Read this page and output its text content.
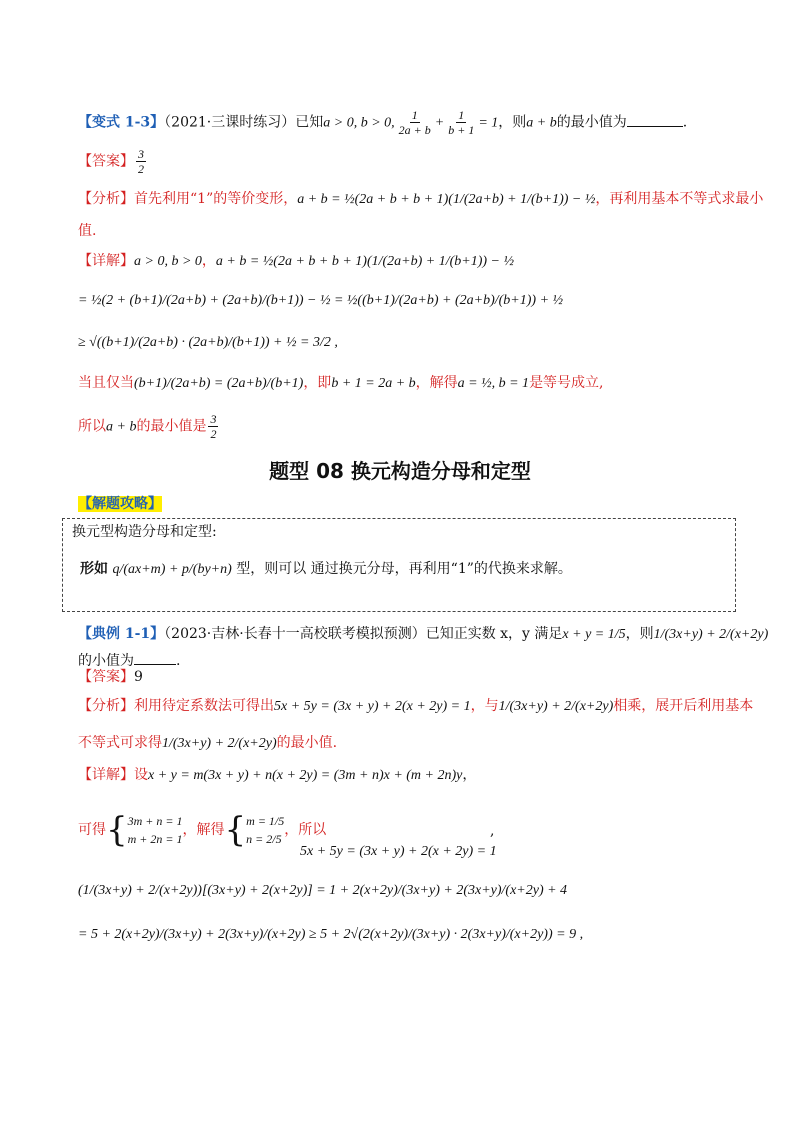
【变式 1-3】（2021·三课时练习）已知a > 0, b > 0, $\frac{1}{2a + b} + \frac{1}{b + 1} = 1$，则a + b的最小值为	.
【答案】 $\frac{3}{2}$
【分析】首先利用“1”的等价变形，a + b = ½(2a + b + b + 1)(1/(2a+b) + 1/(b+1)) − ½，再利用基本不等式求最小
值.
【详解】a > 0, b > 0，a + b = ½(2a + b + b + 1)(1/(2a+b) + 1/(b+1)) − ½
= ½(2 + (b+1)/(2a+b) + (2a+b)/(b+1)) − ½ = ½((b+1)/(2a+b) + (2a+b)/(b+1)) + ½
≥ √((b+1)/(2a+b) · (2a+b)/(b+1)) + ½ = 3/2 ,
当且仅当(b+1)/(2a+b) = (2a+b)/(b+1)，即b + 1 = 2a + b，解得a = ½, b = 1是等号成立,
所以a + b的最小值是 $\frac{3}{2}$
题型 08 换元构造分母和定型
【解题攻略】
换元型构造分母和定型:
形如 q/(ax+m) + p/(by+n) 型，则可以 通过换元分母，再利用“1”的代换来求解。
【典例 1-1】（2023·吉林·长春十一高校联考模拟预测）已知正实数 x，y 满足x + y = 1/5，则1/(3x+y) + 2/(x+2y)
的小值为	.
【答案】9
【分析】利用待定系数法可得出5x + 5y = (3x + y) + 2(x + 2y) = 1，与1/(3x+y) + 2/(x+2y)相乘，展开后利用基本
不等式可求得1/(3x+y) + 2/(x+2y)的最小值.
【详解】设x + y = m(3x + y) + n(x + 2y) = (3m + n)x + (m + 2n)y，
可得{ 3m + n = 1
m + 2n = 1
，解得{ m = 1/5
n = 2/5
，所以
5x + 5y = (3x + y) + 2(x + 2y) = 1
,
(1/(3x+y) + 2/(x+2y))[(3x+y) + 2(x+2y)] = 1 + 2(x+2y)/(3x+y) + 2(3x+y)/(x+2y) + 4
= 5 + 2(x+2y)/(3x+y) + 2(3x+y)/(x+2y) ≥ 5 + 2√(2(x+2y)/(3x+y) · 2(3x+y)/(x+2y)) = 9 ,
